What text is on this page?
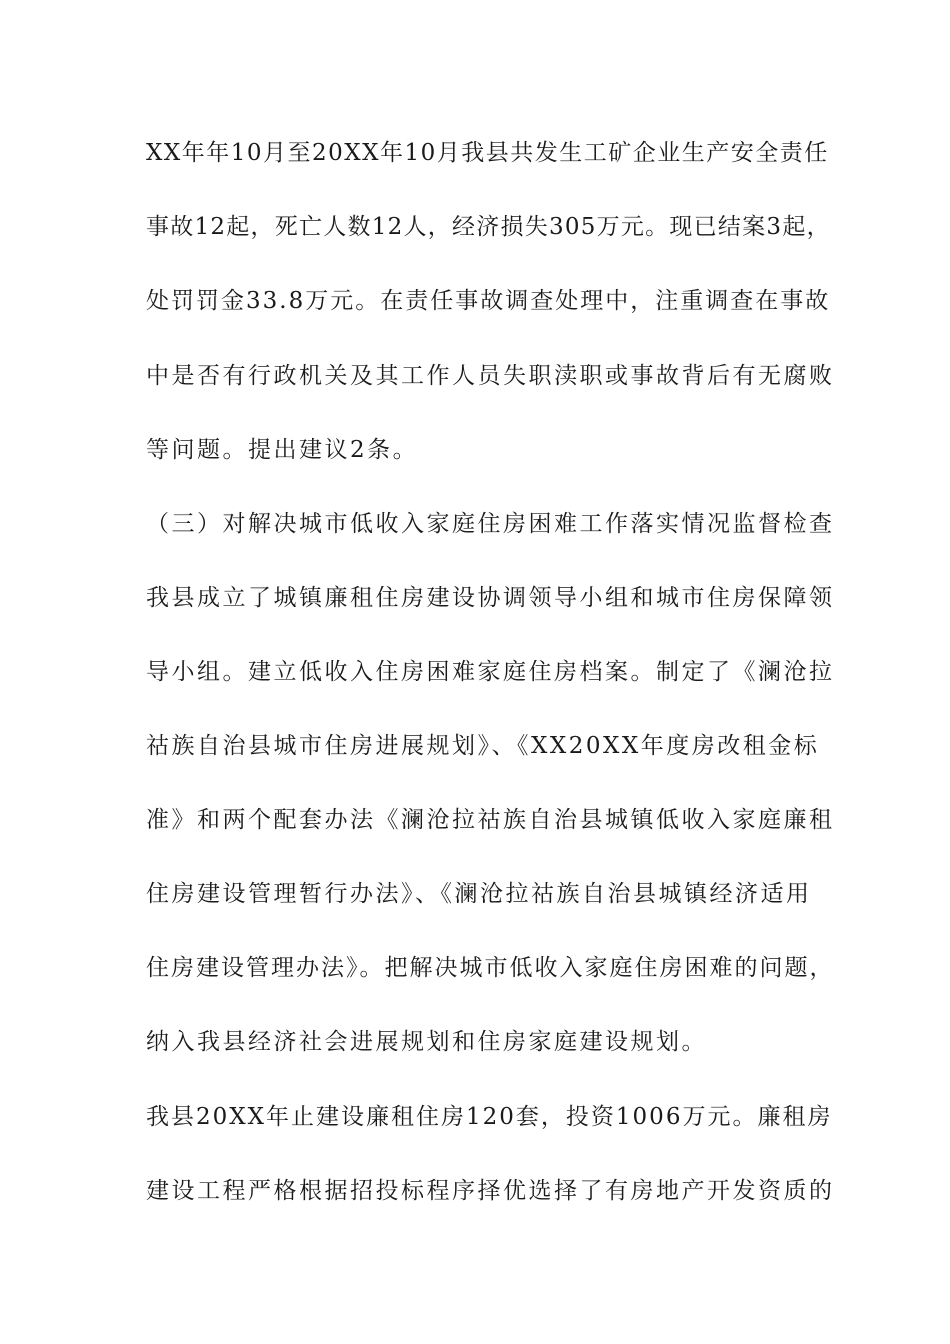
XX年年10月至20XX年10月我县共发生工矿企业生产安全责任
事故12起，死亡人数12人，经济损失305万元。现已结案3起，
处罚罚金33.8万元。在责任事故调查处理中，注重调查在事故
中是否有行政机关及其工作人员失职渎职或事故背后有无腐败
等问题。提出建议2条。
（三）对解决城市低收入家庭住房困难工作落实情况监督检查
我县成立了城镇廉租住房建设协调领导小组和城市住房保障领
导小组。建立低收入住房困难家庭住房档案。制定了《澜沧拉
祜族自治县城市住房进展规划》、《XX20XX年度房改租金标
准》和两个配套办法《澜沧拉祜族自治县城镇低收入家庭廉租
住房建设管理暂行办法》、《澜沧拉祜族自治县城镇经济适用
住房建设管理办法》。把解决城市低收入家庭住房困难的问题，
纳入我县经济社会进展规划和住房家庭建设规划。
我县20XX年止建设廉租住房120套，投资1006万元。廉租房
建设工程严格根据招投标程序择优选择了有房地产开发资质的
